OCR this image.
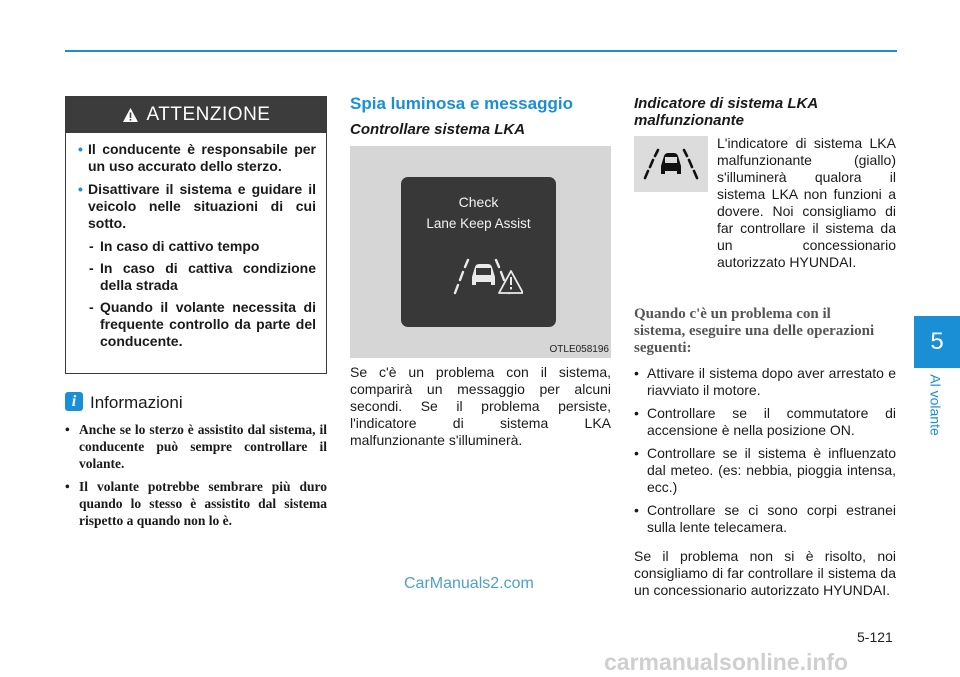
5
Al volante
ATTENZIONE
• Il conducente è responsabile per un uso accurato dello sterzo.
• Disattivare il sistema e guidare il veicolo nelle situazioni di cui sotto.
- In caso di cattivo tempo
- In caso di cattiva condizione della strada
- Quando il volante necessita di frequente controllo da parte del conducente.
i Informazioni
• Anche se lo sterzo è assistito dal sistema, il conducente può sempre controllare il volante.
• Il volante potrebbe sembrare più duro quando lo stesso è assistito dal sistema rispetto a quando non lo è.
Spia luminosa e messaggio
Controllare sistema LKA
Check
Lane Keep Assist
OTLE058196
Se c'è un problema con il sistema, comparirà un messaggio per alcuni secondi. Se il problema persiste, l'indicatore di sistema LKA malfunzionante s'illuminerà.
Indicatore di sistema LKA malfunzionante
L'indicatore di sistema LKA malfunzionante (giallo) s'illuminerà qualora il sistema LKA non funzioni a dovere. Noi consigliamo di far controllare il sistema da un concessionario autorizzato HYUNDAI.
Quando c'è un problema con il sistema, eseguire una delle operazioni seguenti:
• Attivare il sistema dopo aver arrestato e riavviato il motore.
• Controllare se il commutatore di accensione è nella posizione ON.
• Controllare se il sistema è influenzato dal meteo. (es: nebbia, pioggia intensa, ecc.)
• Controllare se ci sono corpi estranei sulla lente telecamera.
Se il problema non si è risolto, noi consigliamo di far controllare il sistema da un concessionario autorizzato HYUNDAI.
5-121
CarManuals2.com
carmanualsonline.info
